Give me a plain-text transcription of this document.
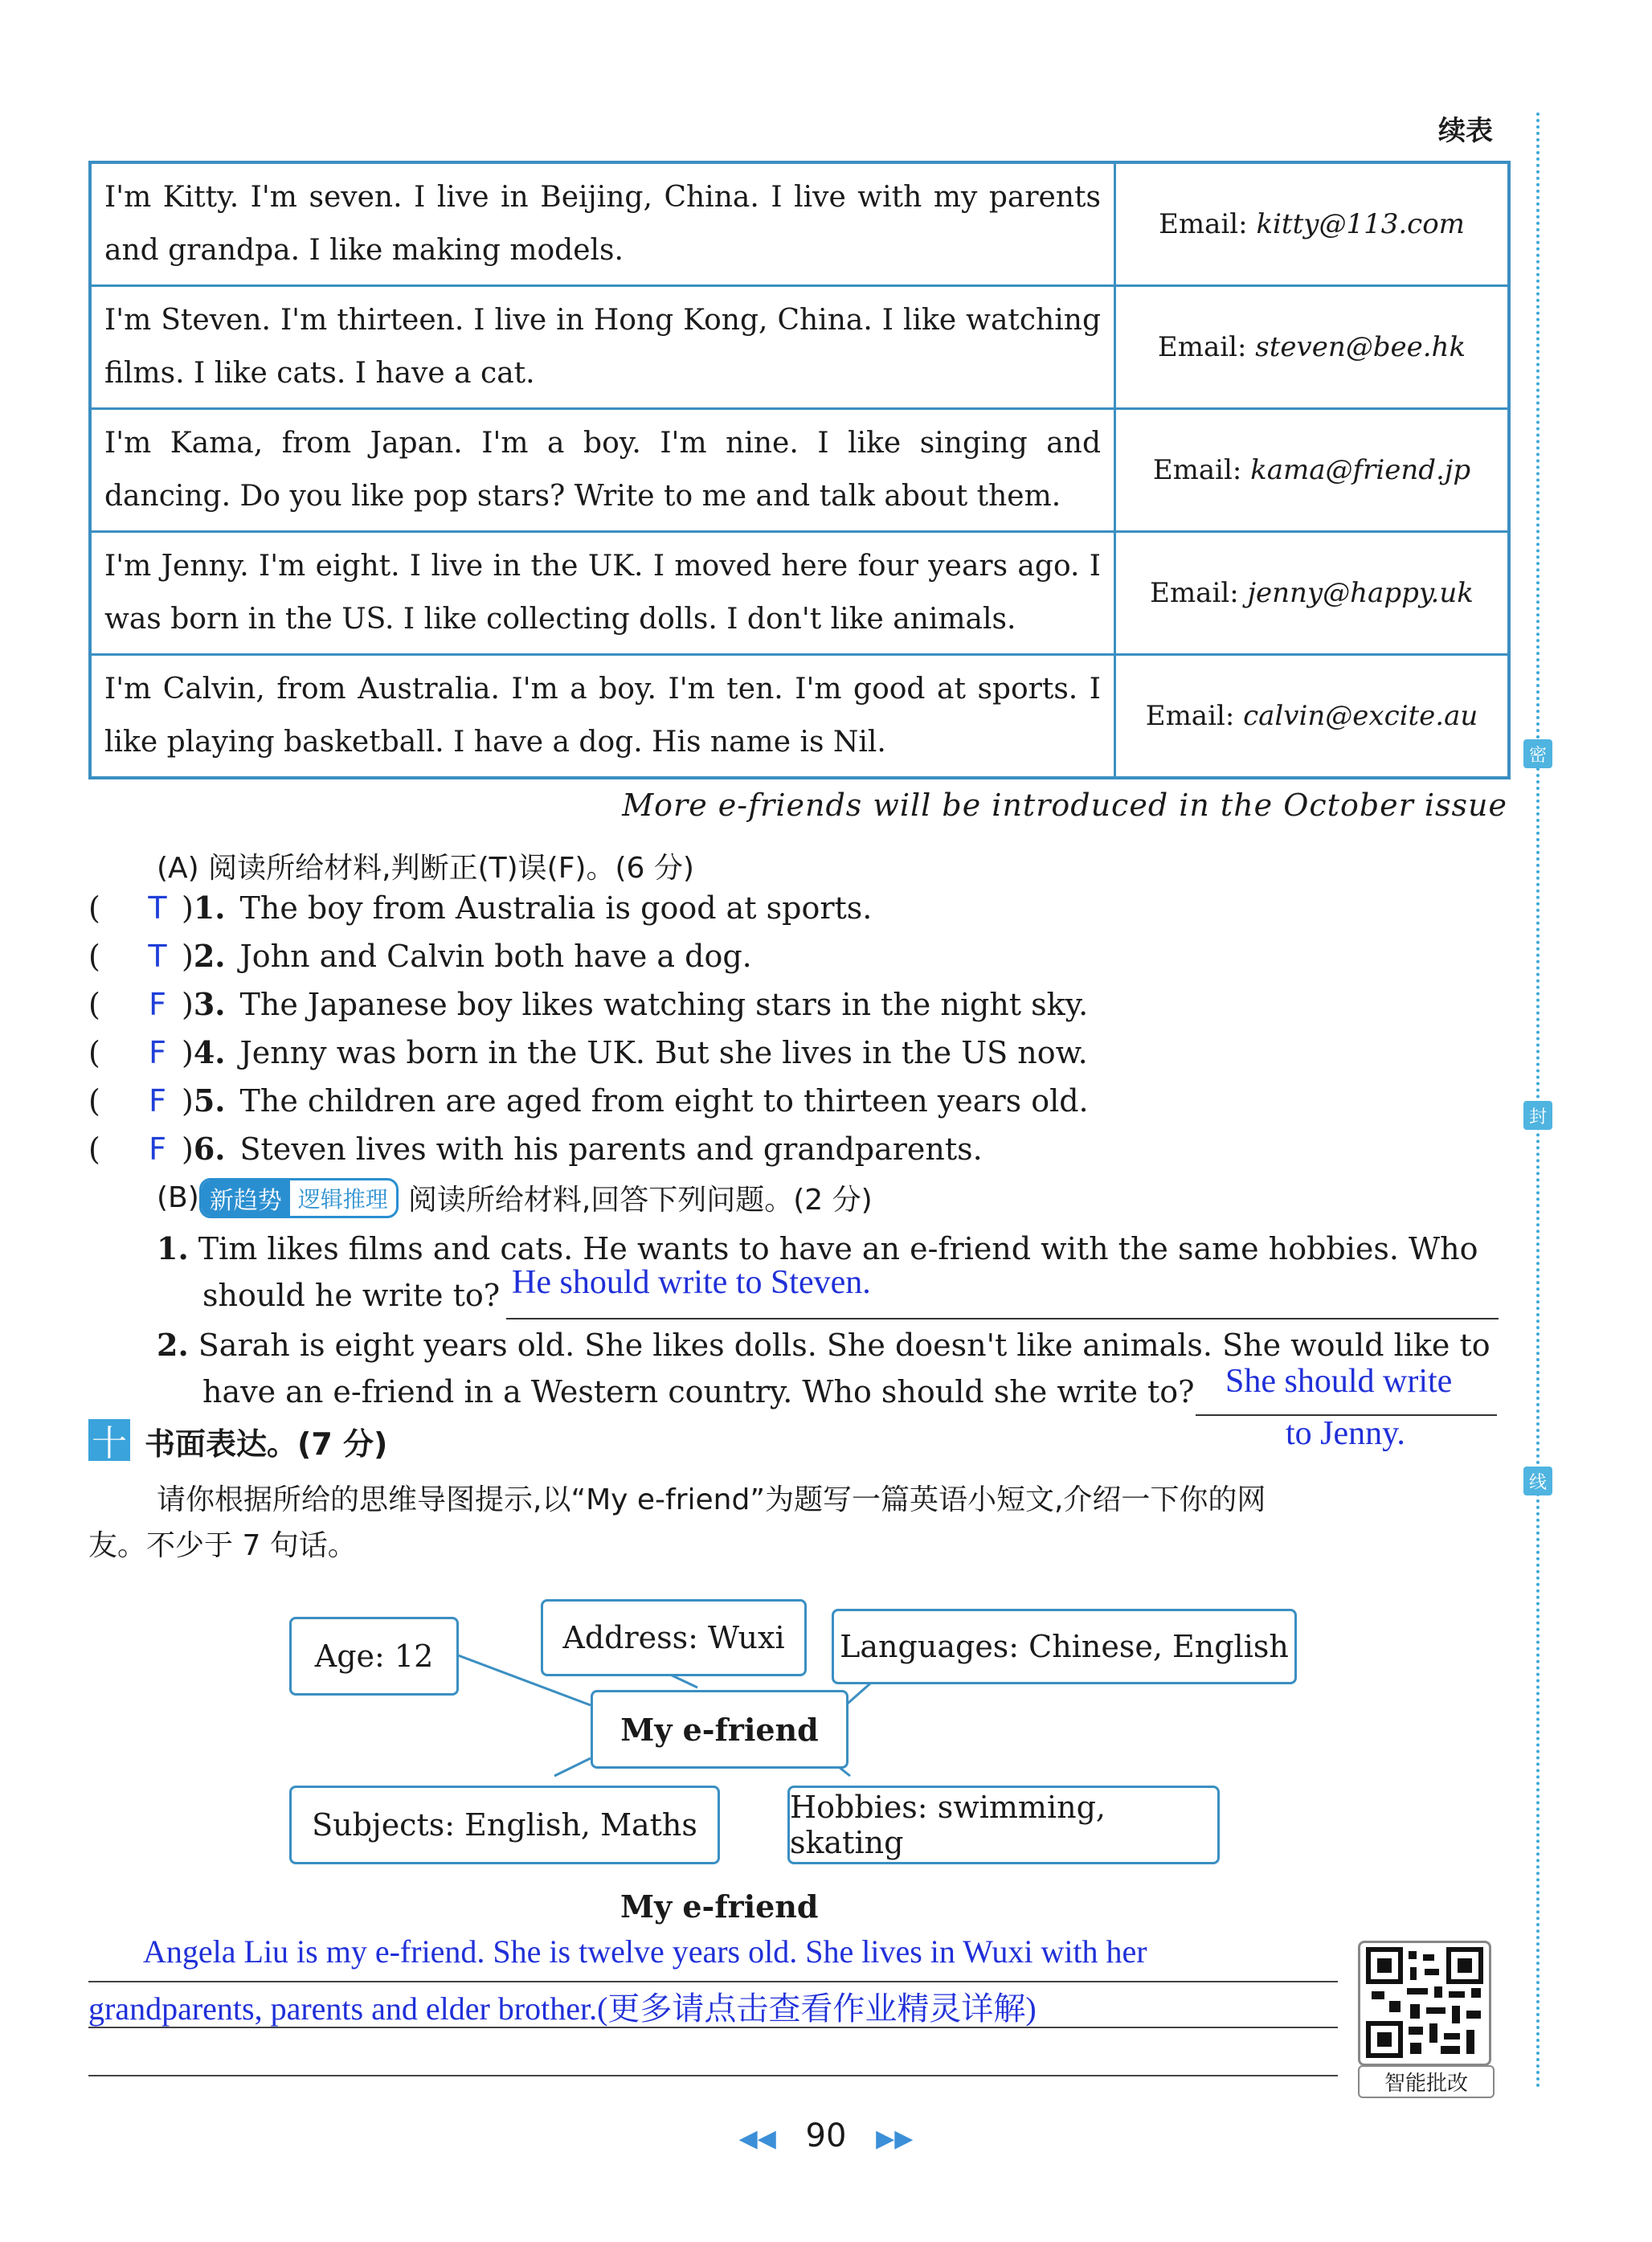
续表
密
封
线
I'm Kitty. I'm seven. I live in Beijing, China. I live with my parents and grandpa. I like making models.	Email: kitty@113.com
I'm Steven. I'm thirteen. I live in Hong Kong, China. I like watching films. I like cats. I have a cat.	Email: steven@bee.hk
I'm Kama, from Japan. I'm a boy. I'm nine. I like singing and dancing. Do you like pop stars? Write to me and talk about them.	Email: kama@friend.jp
I'm Jenny. I'm eight. I live in the UK. I moved here four years ago. I was born in the US. I like collecting dolls. I don't like animals.	Email: jenny@happy.uk
I'm Calvin, from Australia. I'm a boy. I'm ten. I'm good at sports. I like playing basketball. I have a dog. His name is Nil.	Email: calvin@excite.au
More e-friends will be introduced in the October issue
(A) 阅读所给材料,判断正(T)误(F)。(6 分)
(	T ) 1. The boy from Australia is good at sports.
(	T ) 2. John and Calvin both have a dog.
(	F ) 3. The Japanese boy likes watching stars in the night sky.
(	F ) 4. Jenny was born in the UK. But she lives in the US now.
(	F ) 5. The children are aged from eight to thirteen years old.
(	F ) 6. Steven lives with his parents and grandparents.
(B) 新趋势 逻辑推理 阅读所给材料,回答下列问题。(2 分)
1. Tim likes films and cats. He wants to have an e-friend with the same hobbies. Who
should he write to? He should write to Steven.
2. Sarah is eight years old. She likes dolls. She doesn't like animals. She would like to
have an e-friend in a Western country. Who should she write to? She should write
to Jenny.
十 书面表达。(7 分)
请你根据所给的思维导图提示,以“My e-friend”为题写一篇英语小短文,介绍一下你的网
友。不少于 7 句话。
Age: 12
Address: Wuxi	Languages: Chinese, English
My e-friend
Subjects: English, Maths	Hobbies: swimming, skating
My e-friend
Angela Liu is my e-friend. She is twelve years old. She lives in Wuxi with her
grandparents, parents and elder brother.(更多请点击查看作业精灵详解)
智能批改
◀◀ 90 ▶▶
